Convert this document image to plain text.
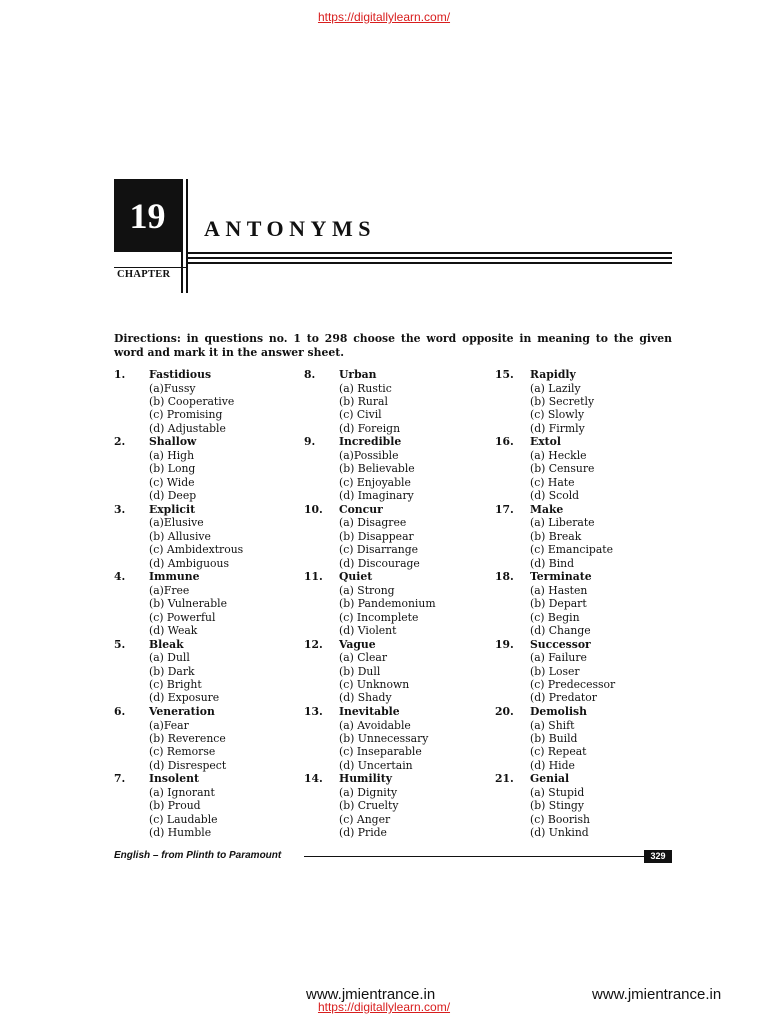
https://digitallylearn.com/
19	ANTONYMS
CHAPTER
Directions: in questions no. 1 to 298 choose the word opposite in meaning to the given word and mark it in the answer sheet.
1.	Fastidious
(a)Fussy
(b) Cooperative
(c) Promising
(d) Adjustable
2.	Shallow
(a) High
(b) Long
(c) Wide
(d) Deep
3.	Explicit
(a)Elusive
(b) Allusive
(c) Ambidextrous
(d) Ambiguous
4.	Immune
(a)Free
(b) Vulnerable
(c) Powerful
(d) Weak
5.	Bleak
(a) Dull
(b) Dark
(c) Bright
(d) Exposure
6.	Veneration
(a)Fear
(b) Reverence
(c) Remorse
(d) Disrespect
7.	Insolent
(a) Ignorant
(b) Proud
(c) Laudable
(d) Humble
8.	Urban
(a) Rustic
(b) Rural
(c) Civil
(d) Foreign
9.	Incredible
(a)Possible
(b) Believable
(c) Enjoyable
(d) Imaginary
10.	Concur
(a) Disagree
(b) Disappear
(c) Disarrange
(d) Discourage
11.	Quiet
(a) Strong
(b) Pandemonium
(c) Incomplete
(d) Violent
12.	Vague
(a) Clear
(b) Dull
(c) Unknown
(d) Shady
13.	Inevitable
(a) Avoidable
(b) Unnecessary
(c) Inseparable
(d) Uncertain
14.	Humility
(a) Dignity
(b) Cruelty
(c) Anger
(d) Pride
15.	Rapidly
(a) Lazily
(b) Secretly
(c) Slowly
(d) Firmly
16.	Extol
(a) Heckle
(b) Censure
(c) Hate
(d) Scold
17.	Make
(a) Liberate
(b) Break
(c) Emancipate
(d) Bind
18.	Terminate
(a) Hasten
(b) Depart
(c) Begin
(d) Change
19.	Successor
(a) Failure
(b) Loser
(c) Predecessor
(d) Predator
20.	Demolish
(a) Shift
(b) Build
(c) Repeat
(d) Hide
21.	Genial
(a) Stupid
(b) Stingy
(c) Boorish
(d) Unkind
English – from Plinth to Paramount	329
www.jmientrance.in	www.jmientrance.in
https://digitallylearn.com/
